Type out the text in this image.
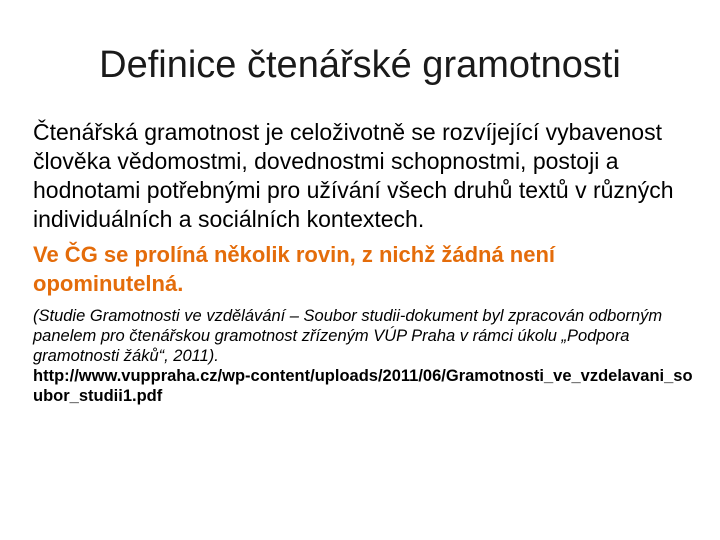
Definice čtenářské gramotnosti

Čtenářská gramotnost je celoživotně se rozvíjející vybavenost člověka vědomostmi, dovednostmi schopnostmi, postoji a hodnotami potřebnými pro užívání všech druhů textů v různých individuálních a sociálních kontextech.

Ve ČG se prolíná několik rovin, z nichž žádná není opominutelná.

(Studie Gramotnosti ve vzdělávání – Soubor studii-dokument byl zpracován odborným panelem pro čtenářskou gramotnost zřízeným VÚP Praha v rámci úkolu „Podpora gramotnosti žáků“, 2011).

http://www.vuppraha.cz/wp-content/uploads/2011/06/Gramotnosti_ve_vzdelavani_soubor_studii1.pdf
